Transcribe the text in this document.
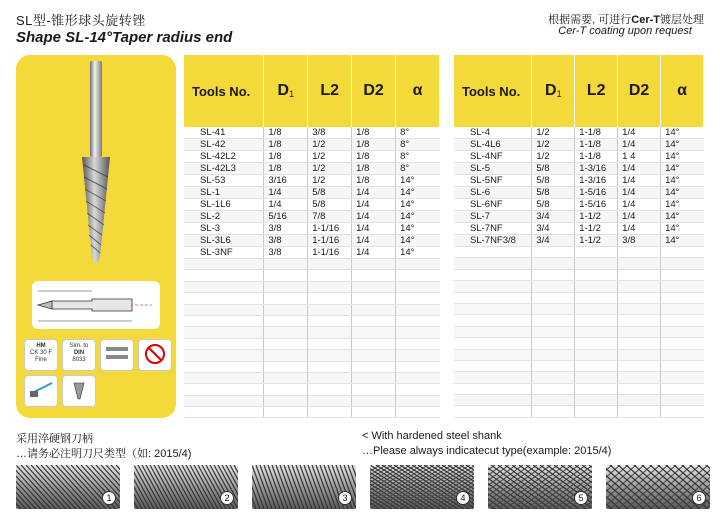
SL型-锥形球头旋转锉
Shape SL-14°Taper radius end
根据需要, 可进行Cer-T镀层处理
Cer-T coating upon request
HM
CK 30 F
Fine
Sim. to
DIN
8033
Tools No.	$D_1$	L2	D2	α
SL-41	1/8	3/8	1/8	8°
SL-42	1/8	1/2	1/8	8°
SL-42L2	1/8	1/2	1/8	8°
SL-42L3	1/8	1/2	1/8	8°
SL-53	3/16	1/2	1/8	14°
SL-1	1/4	5/8	1/4	14°
SL-1L6	1/4	5/8	1/4	14°
SL-2	5/16	7/8	1/4	14°
SL-3	3/8	1-1/16	1/4	14°
SL-3L6	3/8	1-1/16	1/4	14°
SL-3NF	3/8	1-1/16	1/4	14°

Tools No.	$D_1$	L2	D2	α
SL-4	1/2	1-1/8	1/4	14°
SL-4L6	1/2	1-1/8	1/4	14°
SL-4NF	1/2	1-1/8	1 4	14°
SL-5	5/8	1-3/16	1/4	14°
SL-5NF	5/8	1-3/16	1/4	14°
SL-6	5/8	1-5/16	1/4	14°
SL-6NF	5/8	1-5/16	1/4	14°
SL-7	3/4	1-1/2	1/4	14°
SL-7NF	3/4	1-1/2	1/4	14°
SL-7NF3/8	3/4	1-1/2	3/8	14°

采用淬硬钢刀柄
…请务必注明刀尺类型（如: 2015/4)
< With hardened steel shank
…Please always indicatecut type(example: 2015/4)
1	2	3	4	5	6
